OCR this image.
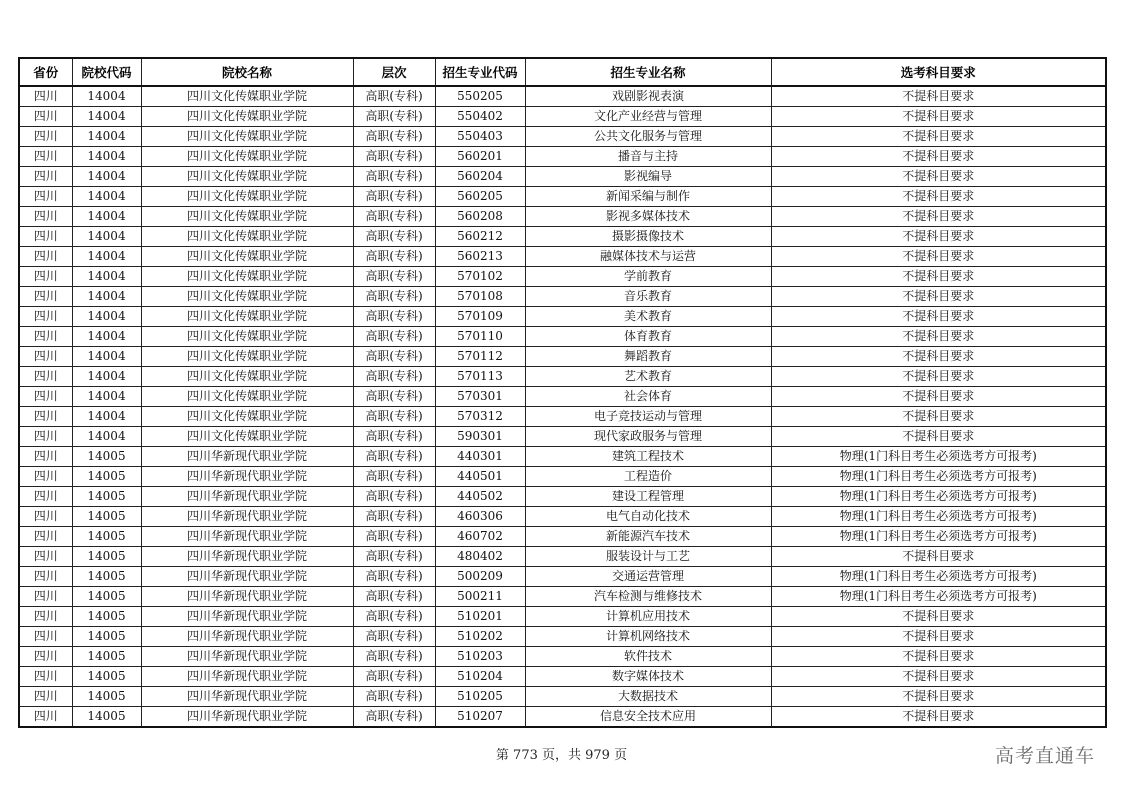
省份	院校代码	院校名称	层次	招生专业代码	招生专业名称	选考科目要求
四川	14004	四川文化传媒职业学院	高职(专科)	550205	戏剧影视表演	不提科目要求
四川	14004	四川文化传媒职业学院	高职(专科)	550402	文化产业经营与管理	不提科目要求
四川	14004	四川文化传媒职业学院	高职(专科)	550403	公共文化服务与管理	不提科目要求
四川	14004	四川文化传媒职业学院	高职(专科)	560201	播音与主持	不提科目要求
四川	14004	四川文化传媒职业学院	高职(专科)	560204	影视编导	不提科目要求
四川	14004	四川文化传媒职业学院	高职(专科)	560205	新闻采编与制作	不提科目要求
四川	14004	四川文化传媒职业学院	高职(专科)	560208	影视多媒体技术	不提科目要求
四川	14004	四川文化传媒职业学院	高职(专科)	560212	摄影摄像技术	不提科目要求
四川	14004	四川文化传媒职业学院	高职(专科)	560213	融媒体技术与运营	不提科目要求
四川	14004	四川文化传媒职业学院	高职(专科)	570102	学前教育	不提科目要求
四川	14004	四川文化传媒职业学院	高职(专科)	570108	音乐教育	不提科目要求
四川	14004	四川文化传媒职业学院	高职(专科)	570109	美术教育	不提科目要求
四川	14004	四川文化传媒职业学院	高职(专科)	570110	体育教育	不提科目要求
四川	14004	四川文化传媒职业学院	高职(专科)	570112	舞蹈教育	不提科目要求
四川	14004	四川文化传媒职业学院	高职(专科)	570113	艺术教育	不提科目要求
四川	14004	四川文化传媒职业学院	高职(专科)	570301	社会体育	不提科目要求
四川	14004	四川文化传媒职业学院	高职(专科)	570312	电子竞技运动与管理	不提科目要求
四川	14004	四川文化传媒职业学院	高职(专科)	590301	现代家政服务与管理	不提科目要求
四川	14005	四川华新现代职业学院	高职(专科)	440301	建筑工程技术	物理(1门科目考生必须选考方可报考)
四川	14005	四川华新现代职业学院	高职(专科)	440501	工程造价	物理(1门科目考生必须选考方可报考)
四川	14005	四川华新现代职业学院	高职(专科)	440502	建设工程管理	物理(1门科目考生必须选考方可报考)
四川	14005	四川华新现代职业学院	高职(专科)	460306	电气自动化技术	物理(1门科目考生必须选考方可报考)
四川	14005	四川华新现代职业学院	高职(专科)	460702	新能源汽车技术	物理(1门科目考生必须选考方可报考)
四川	14005	四川华新现代职业学院	高职(专科)	480402	服装设计与工艺	不提科目要求
四川	14005	四川华新现代职业学院	高职(专科)	500209	交通运营管理	物理(1门科目考生必须选考方可报考)
四川	14005	四川华新现代职业学院	高职(专科)	500211	汽车检测与维修技术	物理(1门科目考生必须选考方可报考)
四川	14005	四川华新现代职业学院	高职(专科)	510201	计算机应用技术	不提科目要求
四川	14005	四川华新现代职业学院	高职(专科)	510202	计算机网络技术	不提科目要求
四川	14005	四川华新现代职业学院	高职(专科)	510203	软件技术	不提科目要求
四川	14005	四川华新现代职业学院	高职(专科)	510204	数字媒体技术	不提科目要求
四川	14005	四川华新现代职业学院	高职(专科)	510205	大数据技术	不提科目要求
四川	14005	四川华新现代职业学院	高职(专科)	510207	信息安全技术应用	不提科目要求
第 773 页，共 979 页	高考直通车
